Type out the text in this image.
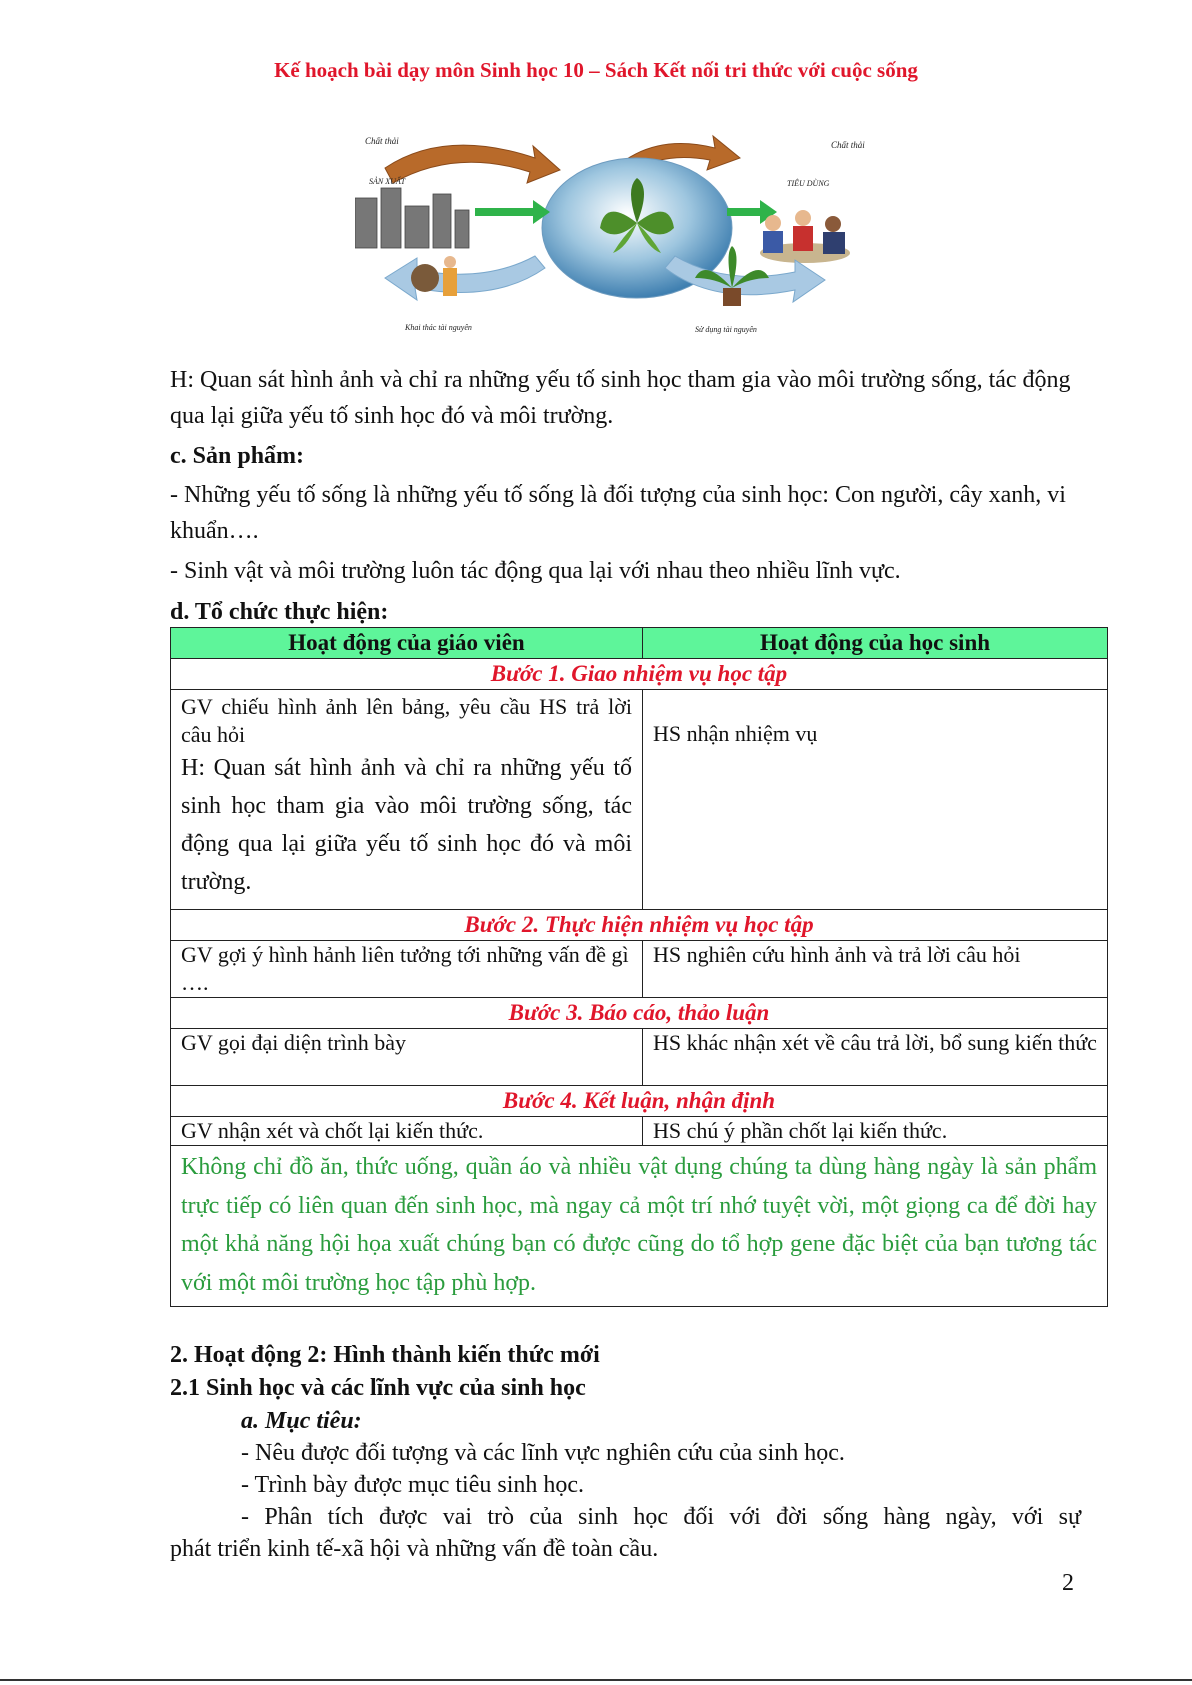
Kế hoạch bài dạy môn Sinh học 10 – Sách Kết nối tri thức với cuộc sống
Chất thải
SẢN XUẤT
Chất thải
TIÊU DÙNG
Khai thác tài nguyên	Sử dụng tài nguyên
H: Quan sát hình ảnh và chỉ ra những yếu tố sinh học tham gia vào môi trường sống, tác động qua lại giữa yếu tố sinh học đó và môi trường.
c. Sản phẩm:
- Những yếu tố sống là những yếu tố sống là đối tượng của sinh học: Con người, cây xanh, vi khuẩn….
- Sinh vật và môi trường luôn tác động qua lại với nhau theo nhiều lĩnh vực.
d. Tổ chức thực hiện:
Hoạt động của giáo viên	Hoạt động của học sinh
Bước 1. Giao nhiệm vụ học tập	

GV chiếu hình ảnh lên bảng, yêu cầu HS trả lời câu hỏi
H: Quan sát hình ảnh và chỉ ra những yếu tố sinh học tham gia vào môi trường sống, tác động qua lại giữa yếu tố sinh học đó và môi trường.	HS nhận nhiệm vụ
Bước 2. Thực hiện nhiệm vụ học tập	
GV gợi ý hình hảnh liên tưởng tới những vấn đề gì ….	HS nghiên cứu hình ảnh và trả lời câu hỏi
Bước 3. Báo cáo, thảo luận	
GV gọi đại diện trình bày	HS khác nhận xét về câu trả lời, bổ sung kiến thức
Bước 4. Kết luận, nhận định	
GV nhận xét và chốt lại kiến thức.	HS chú ý phần chốt lại kiến thức.
Không chỉ đồ ăn, thức uống, quần áo và nhiều vật dụng chúng ta dùng hàng ngày là sản phẩm trực tiếp có liên quan đến sinh học, mà ngay cả một trí nhớ tuyệt vời, một giọng ca để đời hay một khả năng hội họa xuất chúng bạn có được cũng do tổ hợp gene đặc biệt của bạn tương tác với một môi trường học tập phù hợp.	
2. Hoạt động 2: Hình thành kiến thức mới
2.1 Sinh học và các lĩnh vực của sinh học
a. Mục tiêu:
- Nêu được đối tượng và các lĩnh vực nghiên cứu của sinh học.
- Trình bày được mục tiêu sinh học.
- Phân tích được vai trò của sinh học đối với đời sống hàng ngày, với sự
phát triển kinh tế-xã hội và những vấn đề toàn cầu.
2
